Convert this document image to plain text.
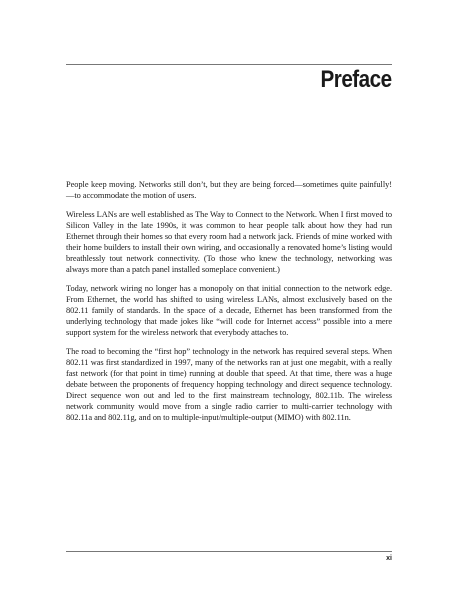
Preface

People keep moving. Networks still don’t, but they are being forced—sometimes quite painfully!—to accommodate the motion of users.

Wireless LANs are well established as The Way to Connect to the Network. When I first moved to Silicon Valley in the late 1990s, it was common to hear people talk about how they had run Ethernet through their homes so that every room had a network jack. Friends of mine worked with their home builders to install their own wiring, and occasionally a renovated home’s listing would breathlessly tout network connectivity. (To those who knew the technology, networking was always more than a patch panel installed someplace convenient.)

Today, network wiring no longer has a monopoly on that initial connection to the network edge. From Ethernet, the world has shifted to using wireless LANs, almost exclusively based on the 802.11 family of standards. In the space of a decade, Ethernet has been transformed from the underlying technology that made jokes like “will code for Internet access” possible into a mere support system for the wireless network that everybody attaches to.

The road to becoming the “first hop” technology in the network has required several steps. When 802.11 was first standardized in 1997, many of the networks ran at just one megabit, with a really fast network (for that point in time) running at double that speed. At that time, there was a huge debate between the proponents of frequency hopping technology and direct sequence technology. Direct sequence won out and led to the first mainstream technology, 802.11b. The wireless network community would move from a single radio carrier to multi-carrier technology with 802.11a and 802.11g, and on to multiple-input/multiple-output (MIMO) with 802.11n.

xi
